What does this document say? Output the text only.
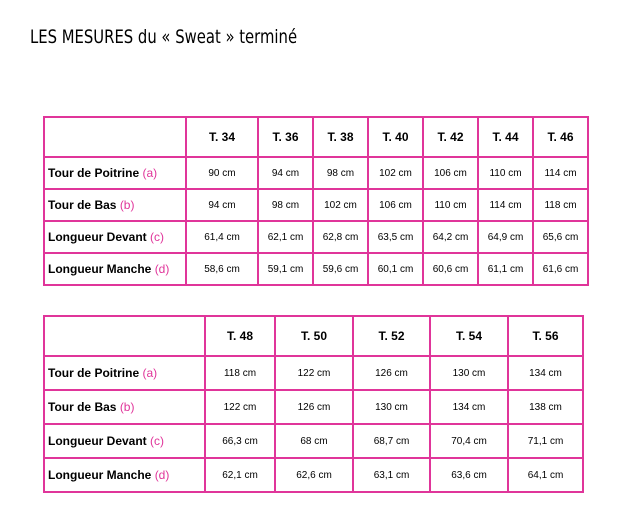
LES MESURES du « Sweat » terminé
	T. 34	T. 36	T. 38	T. 40	T. 42	T. 44	T. 46
Tour de Poitrine (a)	90 cm	94 cm	98 cm	102 cm	106 cm	110 cm	114 cm
Tour de Bas (b)	94 cm	98 cm	102 cm	106 cm	110 cm	114 cm	118 cm
Longueur Devant (c)	61,4 cm	62,1 cm	62,8 cm	63,5 cm	64,2 cm	64,9 cm	65,6 cm
Longueur Manche (d)	58,6 cm	59,1 cm	59,6 cm	60,1 cm	60,6 cm	61,1 cm	61,6 cm
	T. 48	T. 50	T. 52	T. 54	T. 56
Tour de Poitrine (a)	118 cm	122 cm	126 cm	130 cm	134 cm
Tour de Bas (b)	122 cm	126 cm	130 cm	134 cm	138 cm
Longueur Devant (c)	66,3 cm	68 cm	68,7 cm	70,4 cm	71,1 cm
Longueur Manche (d)	62,1 cm	62,6 cm	63,1 cm	63,6 cm	64,1 cm
